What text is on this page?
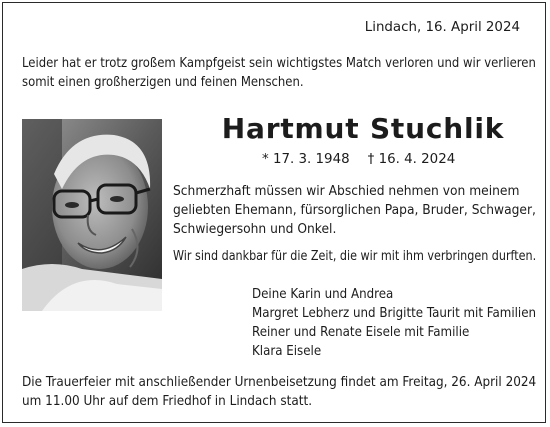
Lindach, 16. April 2024
Leider hat er trotz großem Kampfgeist sein wichtigstes Match verloren und wir verlieren
somit einen großherzigen und feinen Menschen.
Hartmut Stuchlik
* 17. 3. 1948 † 16. 4. 2024
Schmerzhaft müssen wir Abschied nehmen von meinem
geliebten Ehemann, fürsorglichen Papa, Bruder, Schwager,
Schwiegersohn und Onkel.
Wir sind dankbar für die Zeit, die wir mit ihm verbringen durften.
Deine Karin und Andrea
Margret Lebherz und Brigitte Taurit mit Familien
Reiner und Renate Eisele mit Familie
Klara Eisele
Die Trauerfeier mit anschließender Urnenbeisetzung findet am Freitag, 26. April 2024
um 11.00 Uhr auf dem Friedhof in Lindach statt.
